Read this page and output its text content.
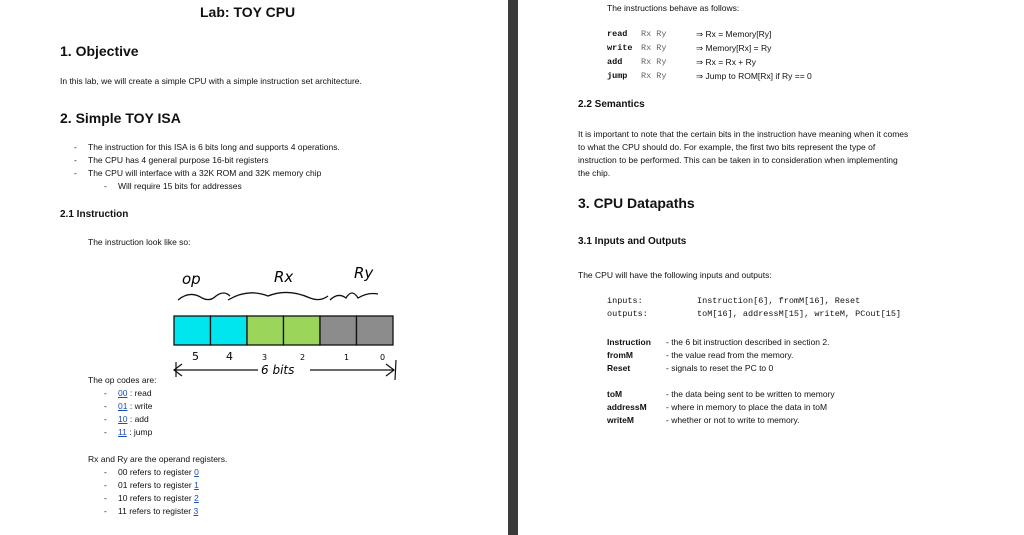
Lab: TOY CPU
1. Objective
In this lab, we will create a simple CPU with a simple instruction set architecture.
2. Simple TOY ISA
- The instruction for this ISA is 6 bits long and supports 4 operations.
- The CPU has 4 general purpose 16-bit registers
- The CPU will interface with a 32K ROM and 32K memory chip
- Will require 15 bits for addresses
2.1 Instruction
The instruction look like so:
op	Rx	Ry
5 4	3	2	1	0
6 bits
The op codes are:
- 00 : read
- 01 : write
- 10 : add
- 11 : jump
Rx and Ry are the operand registers.
- 00 refers to register 0
- 01 refers to register 1
- 10 refers to register 2
- 11 refers to register 3
The instructions behave as follows:
read Rx Ry	⇒ Rx = Memory[Ry]
write Rx Ry	⇒ Memory[Rx] = Ry
add Rx Ry	⇒ Rx = Rx + Ry
jump Rx Ry	⇒ Jump to ROM[Rx] if Ry == 0
2.2 Semantics
It is important to note that the certain bits in the instruction have meaning when it comes
to what the CPU should do. For example, the first two bits represent the type of
instruction to be performed. This can be taken in to consideration when implementing
the chip.
3. CPU Datapaths
3.1 Inputs and Outputs
The CPU will have the following inputs and outputs:
inputs:	Instruction[6], fromM[16], Reset
outputs:	toM[16], addressM[15], writeM, PCout[15]
Instruction - the 6 bit instruction described in section 2.
fromM	- the value read from the memory.
Reset	- signals to reset the PC to 0
toM	- the data being sent to be written to memory
addressM - where in memory to place the data in toM
writeM	- whether or not to write to memory.
